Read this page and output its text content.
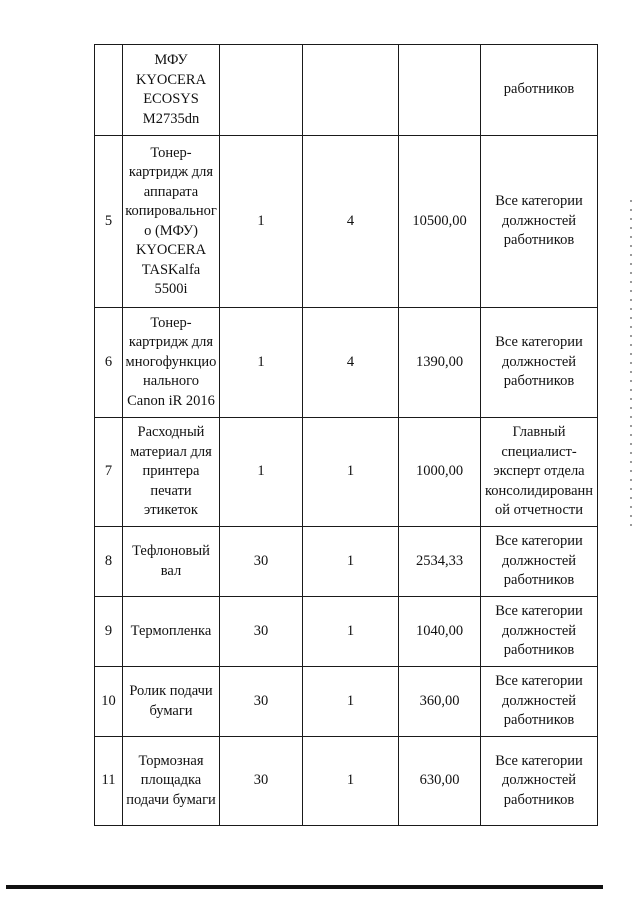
	МФУ KYOCERA ECOSYS M2735dn				работников
5	Тонер-картридж для аппарата копировального (МФУ) KYOCERA TASKalfa 5500i	1	4	10500,00	Все категории должностей работников
6	Тонер-картридж для многофункционального Canon iR 2016	1	4	1390,00	Все категории должностей работников
7	Расходный материал для принтера печати этикеток	1	1	1000,00	Главный специалист-эксперт отдела консолидированной отчетности
8	Тефлоновый вал	30	1	2534,33	Все категории должностей работников
9	Термопленка	30	1	1040,00	Все категории должностей работников
10	Ролик подачи бумаги	30	1	360,00	Все категории должностей работников
11	Тормозная площадка подачи бумаги	30	1	630,00	Все категории должностей работников
